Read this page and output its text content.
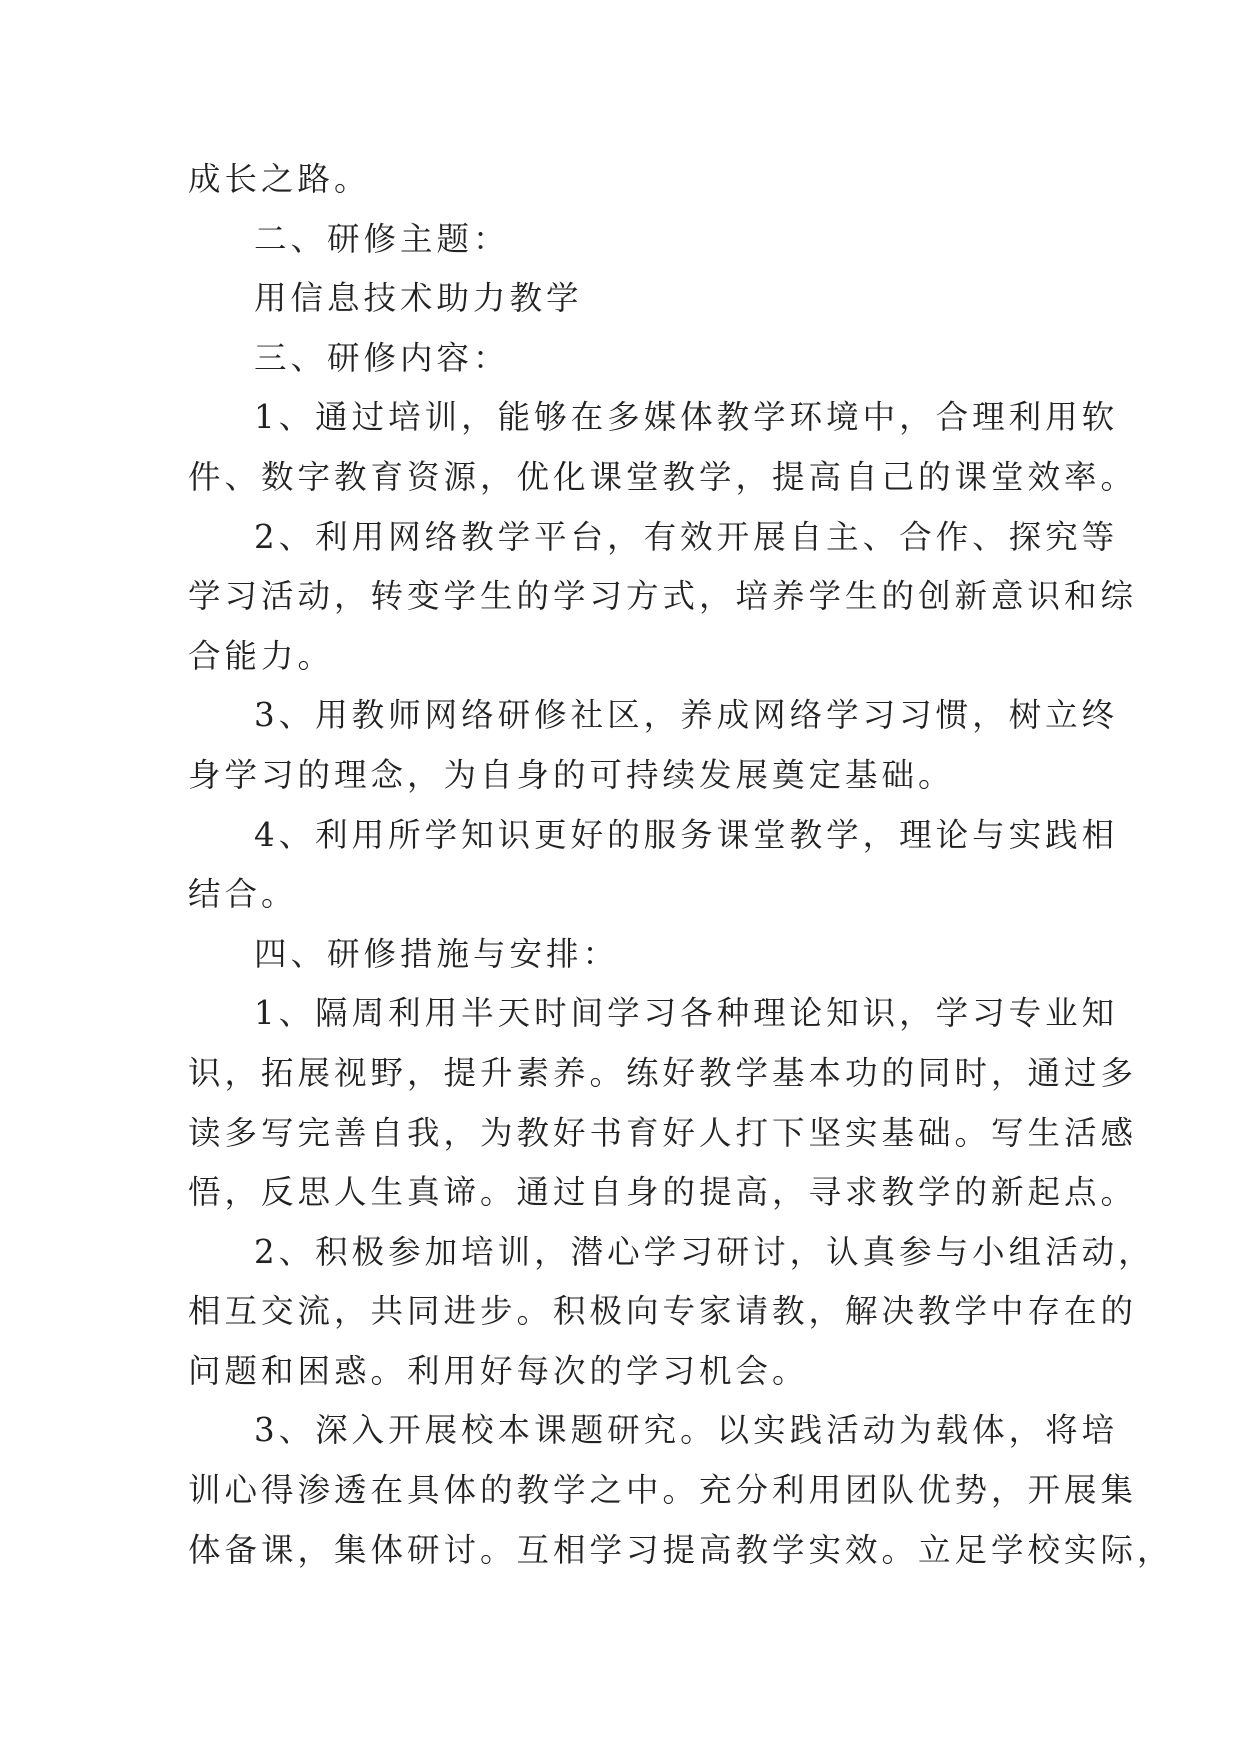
成长之路。
二、研修主题：
用信息技术助力教学
三、研修内容：
1、通过培训，能够在多媒体教学环境中，合理利用软
件、数字教育资源，优化课堂教学，提高自己的课堂效率。
2、利用网络教学平台，有效开展自主、合作、探究等
学习活动，转变学生的学习方式，培养学生的创新意识和综
合能力。
3、用教师网络研修社区，养成网络学习习惯，树立终
身学习的理念，为自身的可持续发展奠定基础。
4、利用所学知识更好的服务课堂教学，理论与实践相
结合。
四、研修措施与安排：
1、隔周利用半天时间学习各种理论知识，学习专业知
识，拓展视野，提升素养。练好教学基本功的同时，通过多
读多写完善自我，为教好书育好人打下坚实基础。写生活感
悟，反思人生真谛。通过自身的提高，寻求教学的新起点。
2、积极参加培训，潜心学习研讨，认真参与小组活动，
相互交流，共同进步。积极向专家请教，解决教学中存在的
问题和困惑。利用好每次的学习机会。
3、深入开展校本课题研究。以实践活动为载体，将培
训心得渗透在具体的教学之中。充分利用团队优势，开展集
体备课，集体研讨。互相学习提高教学实效。立足学校实际，
